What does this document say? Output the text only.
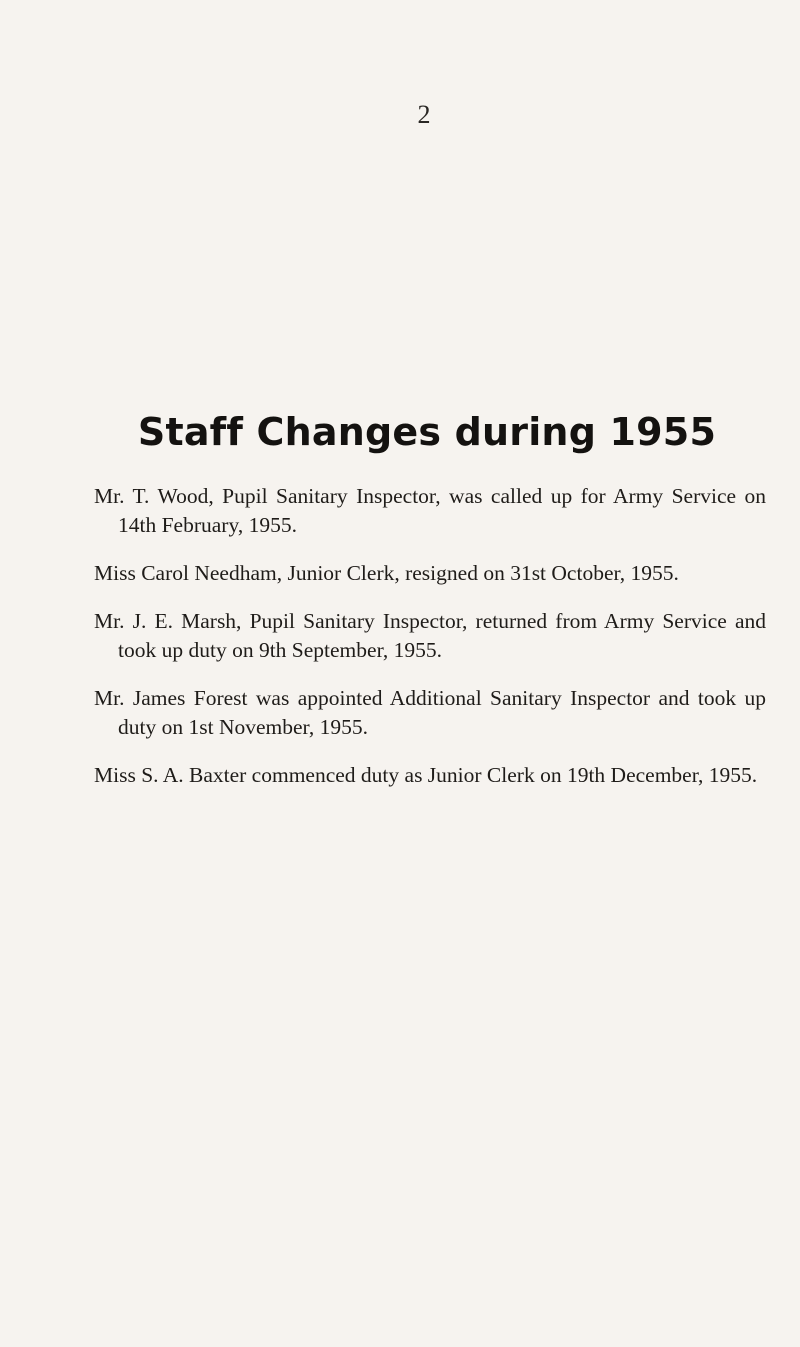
2
Staff Changes during 1955

Mr. T. Wood, Pupil Sanitary Inspector, was called up for Army Service on 14th February, 1955.

Miss Carol Needham, Junior Clerk, resigned on 31st October, 1955.

Mr. J. E. Marsh, Pupil Sanitary Inspector, returned from Army Service and took up duty on 9th September, 1955.

Mr. James Forest was appointed Additional Sanitary Inspector and took up duty on 1st November, 1955.

Miss S. A. Baxter commenced duty as Junior Clerk on 19th December, 1955.
